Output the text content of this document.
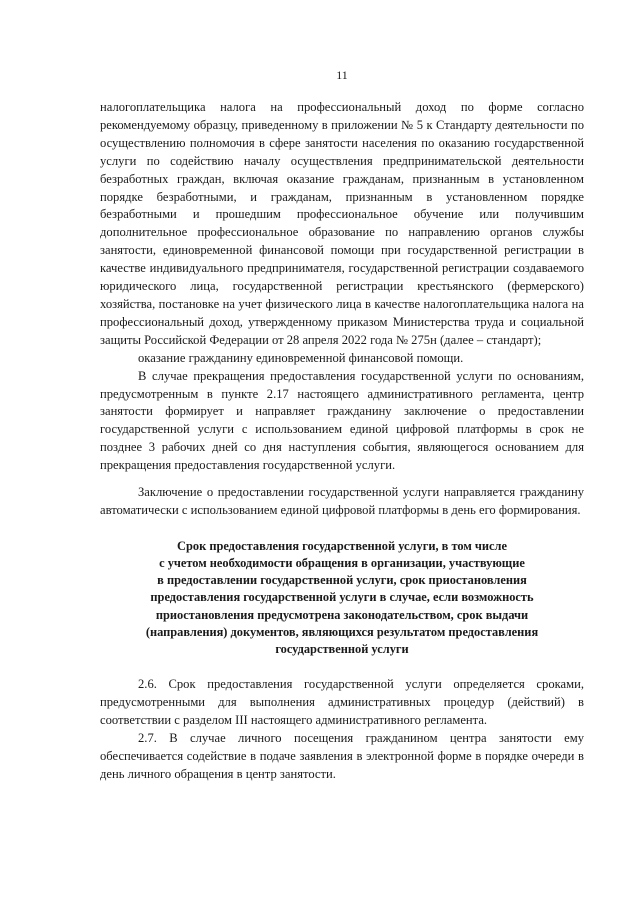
11

налогоплательщика налога на профессиональный доход по форме согласно рекомендуемому образцу, приведенному в приложении № 5 к Стандарту деятельности по осуществлению полномочия в сфере занятости населения по оказанию государственной услуги по содействию началу осуществления предпринимательской деятельности безработных граждан, включая оказание гражданам, признанным в установленном порядке безработными, и гражданам, признанным в установленном порядке безработными и прошедшим профессиональное обучение или получившим дополнительное профессиональное образование по направлению органов службы занятости, единовременной финансовой помощи при государственной регистрации в качестве индивидуального предпринимателя, государственной регистрации создаваемого юридического лица, государственной регистрации крестьянского (фермерского) хозяйства, постановке на учет физического лица в качестве налогоплательщика налога на профессиональный доход, утвержденному приказом Министерства труда и социальной защиты Российской Федерации от 28 апреля 2022 года № 275н (далее – стандарт);

оказание гражданину единовременной финансовой помощи.

В случае прекращения предоставления государственной услуги по основаниям, предусмотренным в пункте 2.17 настоящего административного регламента, центр занятости формирует и направляет гражданину заключение о предоставлении государственной услуги с использованием единой цифровой платформы в срок не позднее 3 рабочих дней со дня наступления события, являющегося основанием для прекращения предоставления государственной услуги.

Заключение о предоставлении государственной услуги направляется гражданину автоматически с использованием единой цифровой платформы в день его формирования.

Срок предоставления государственной услуги, в том числе
с учетом необходимости обращения в организации, участвующие
в предоставлении государственной услуги, срок приостановления
предоставления государственной услуги в случае, если возможность
приостановления предусмотрена законодательством, срок выдачи
(направления) документов, являющихся результатом предоставления
государственной услуги

2.6. Срок предоставления государственной услуги определяется сроками, предусмотренными для выполнения административных процедур (действий) в соответствии с разделом III настоящего административного регламента.

2.7. В случае личного посещения гражданином центра занятости ему обеспечивается содействие в подаче заявления в электронной форме в порядке очереди в день личного обращения в центр занятости.
